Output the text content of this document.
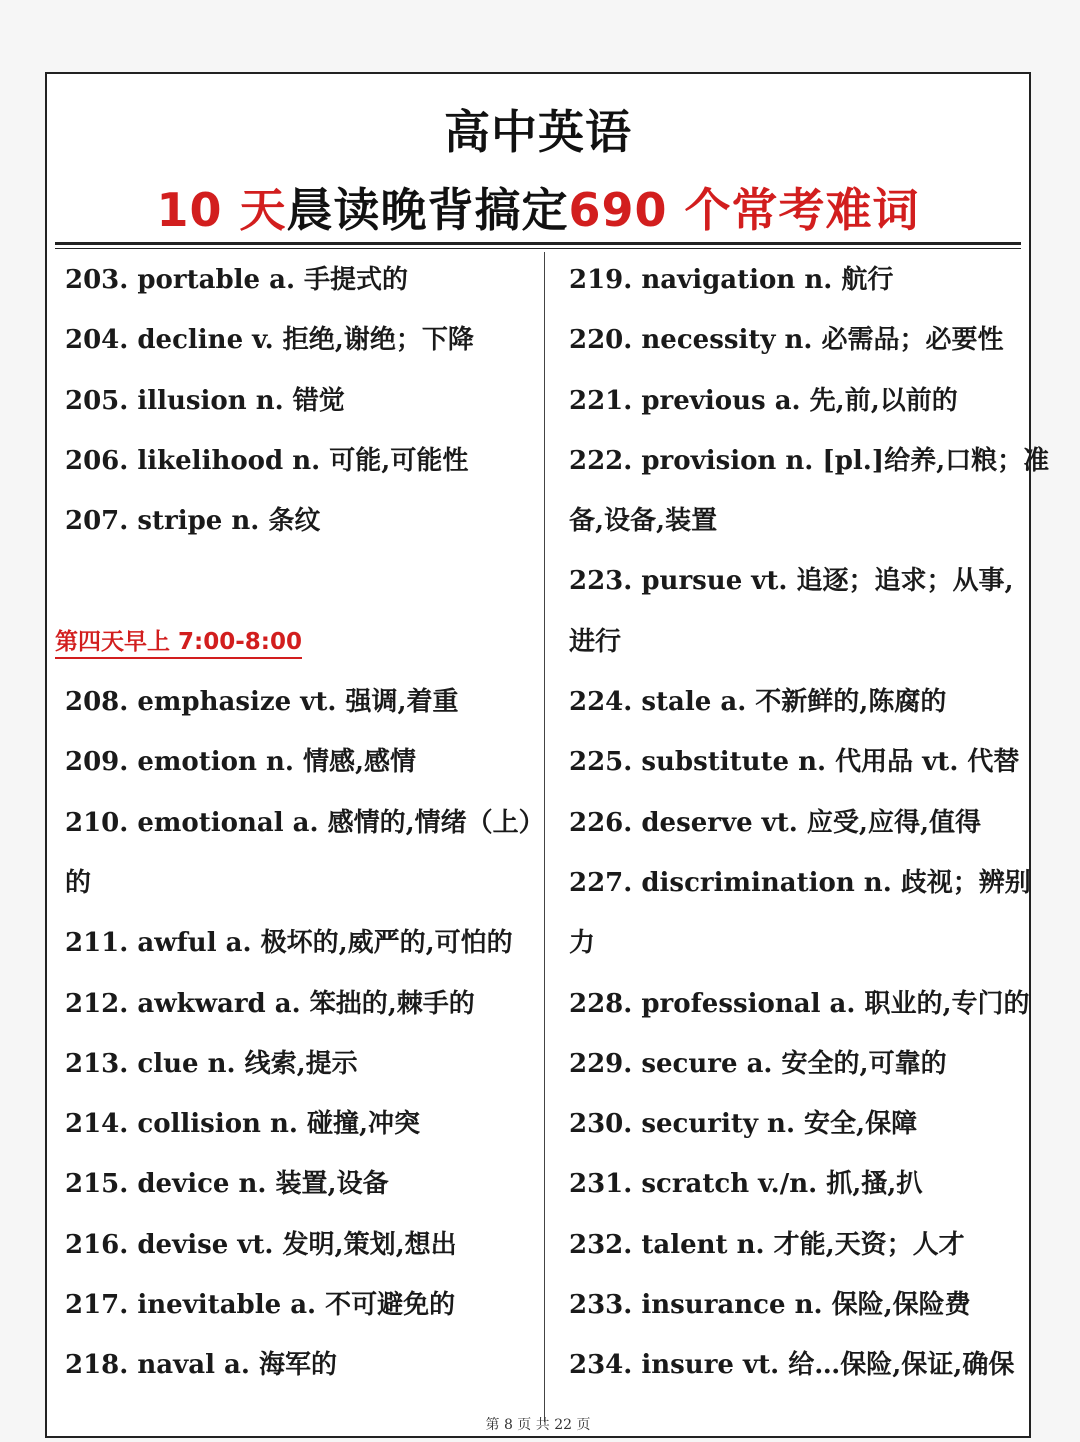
高中英语
10 天晨读晚背搞定690 个常考难词
203. portable a. 手提式的
204. decline v. 拒绝,谢绝；下降
205. illusion n. 错觉
206. likelihood n. 可能,可能性
207. stripe n. 条纹
第四天早上 7:00-8:00
208. emphasize vt. 强调,着重
209. emotion n. 情感,感情
210. emotional a. 感情的,情绪（上）
的
211. awful a. 极坏的,威严的,可怕的
212. awkward a. 笨拙的,棘手的
213. clue n. 线索,提示
214. collision n. 碰撞,冲突
215. device n. 装置,设备
216. devise vt. 发明,策划,想出
217. inevitable a. 不可避免的
218. naval a. 海军的
219. navigation n. 航行
220. necessity n. 必需品；必要性
221. previous a. 先,前,以前的
222. provision n. [pl.]给养,口粮；准
备,设备,装置
223. pursue vt. 追逐；追求；从事,
进行
224. stale a. 不新鲜的,陈腐的
225. substitute n. 代用品 vt. 代替
226. deserve vt. 应受,应得,值得
227. discrimination n. 歧视；辨别
力
228. professional a. 职业的,专门的
229. secure a. 安全的,可靠的
230. security n. 安全,保障
231. scratch v./n. 抓,搔,扒
232. talent n. 才能,天资；人才
233. insurance n. 保险,保险费
234. insure vt. 给…保险,保证,确保
第 8 页 共 22 页
